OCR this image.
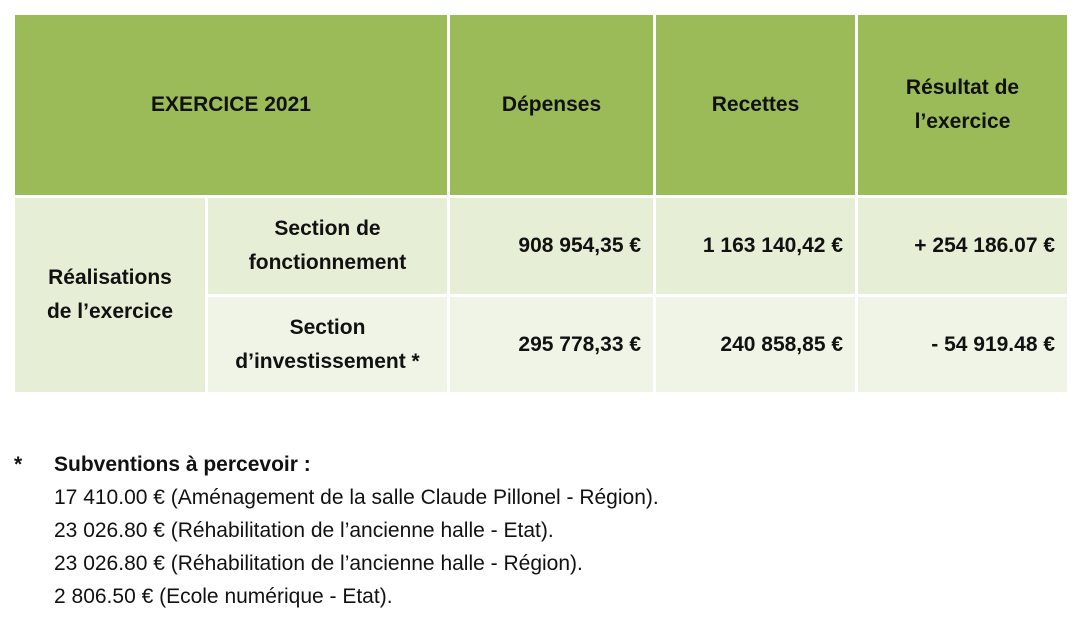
EXERCICE 2021		Dépenses	Recettes	Résultat de
l’exercice
Réalisations
de l’exercice	Section de
fonctionnement	908 954,35 €	1 163 140,42 €	+ 254 186.07 €
	Section
d’investissement *	295 778,33 €	240 858,85 €	- 54 919.48 €
*	Subventions à percevoir :
17 410.00 € (Aménagement de la salle Claude Pillonel - Région).
23 026.80 € (Réhabilitation de l’ancienne halle - Etat).
23 026.80 € (Réhabilitation de l’ancienne halle - Région).
2 806.50 € (Ecole numérique - Etat).
